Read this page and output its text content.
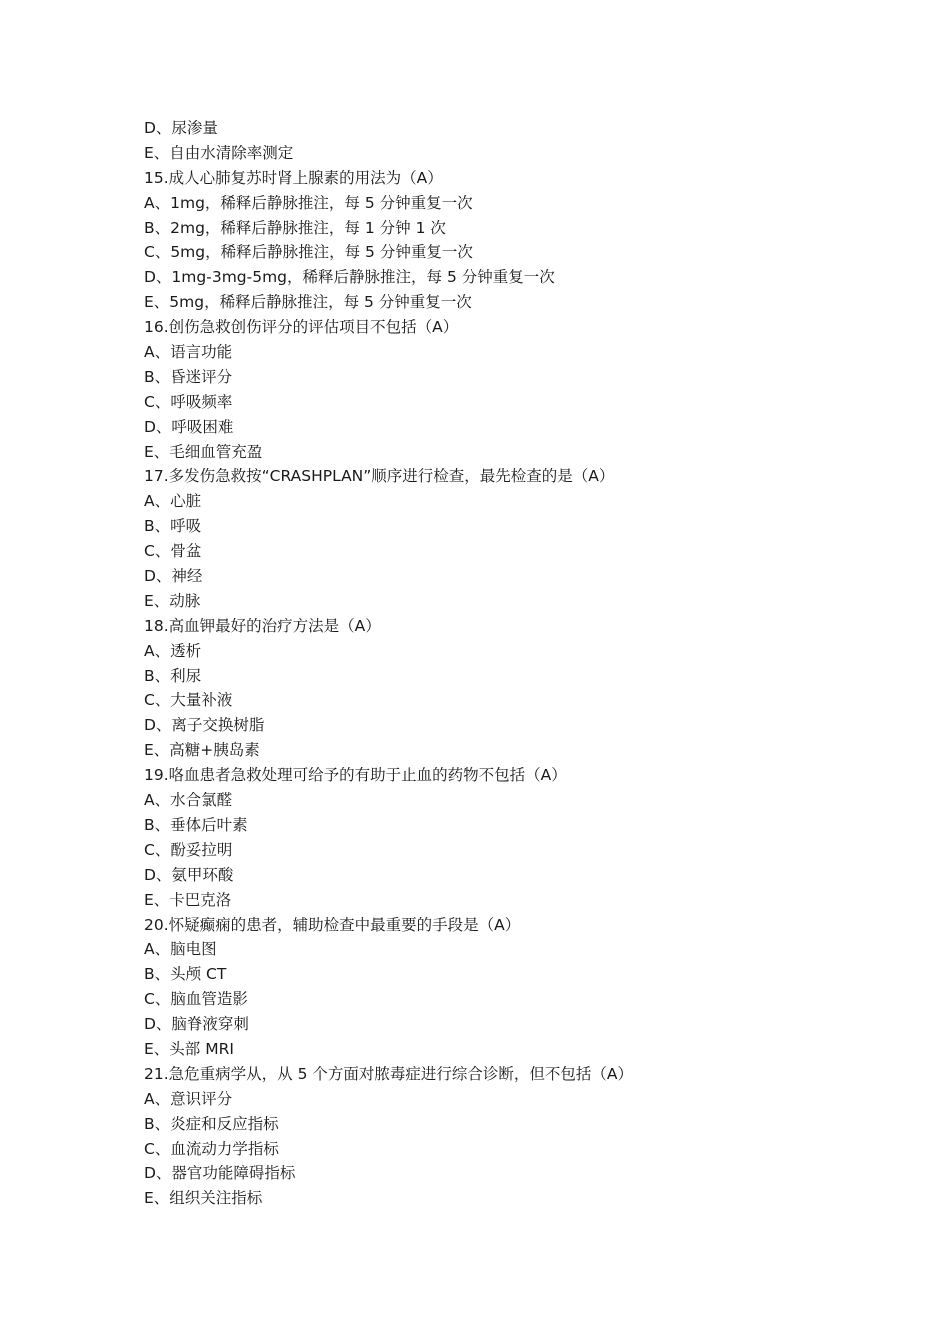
D、尿渗量
E、自由水清除率测定
15.成人心肺复苏时肾上腺素的用法为（A）
A、1mg，稀释后静脉推注，每 5 分钟重复一次
B、2mg，稀释后静脉推注，每 1 分钟 1 次
C、5mg，稀释后静脉推注，每 5 分钟重复一次
D、1mg-3mg-5mg，稀释后静脉推注，每 5 分钟重复一次
E、5mg，稀释后静脉推注，每 5 分钟重复一次
16.创伤急救创伤评分的评估项目不包括（A）
A、语言功能
B、昏迷评分
C、呼吸频率
D、呼吸困难
E、毛细血管充盈
17.多发伤急救按“CRASHPLAN”顺序进行检查，最先检查的是（A）
A、心脏
B、呼吸
C、骨盆
D、神经
E、动脉
18.高血钾最好的治疗方法是（A）
A、透析
B、利尿
C、大量补液
D、离子交换树脂
E、高糖+胰岛素
19.咯血患者急救处理可给予的有助于止血的药物不包括（A）
A、水合氯醛
B、垂体后叶素
C、酚妥拉明
D、氨甲环酸
E、卡巴克洛
20.怀疑癫痫的患者，辅助检查中最重要的手段是（A）
A、脑电图
B、头颅 CT
C、脑血管造影
D、脑脊液穿刺
E、头部 MRI
21.急危重病学从，从 5 个方面对脓毒症进行综合诊断，但不包括（A）
A、意识评分
B、炎症和反应指标
C、血流动力学指标
D、器官功能障碍指标
E、组织关注指标
